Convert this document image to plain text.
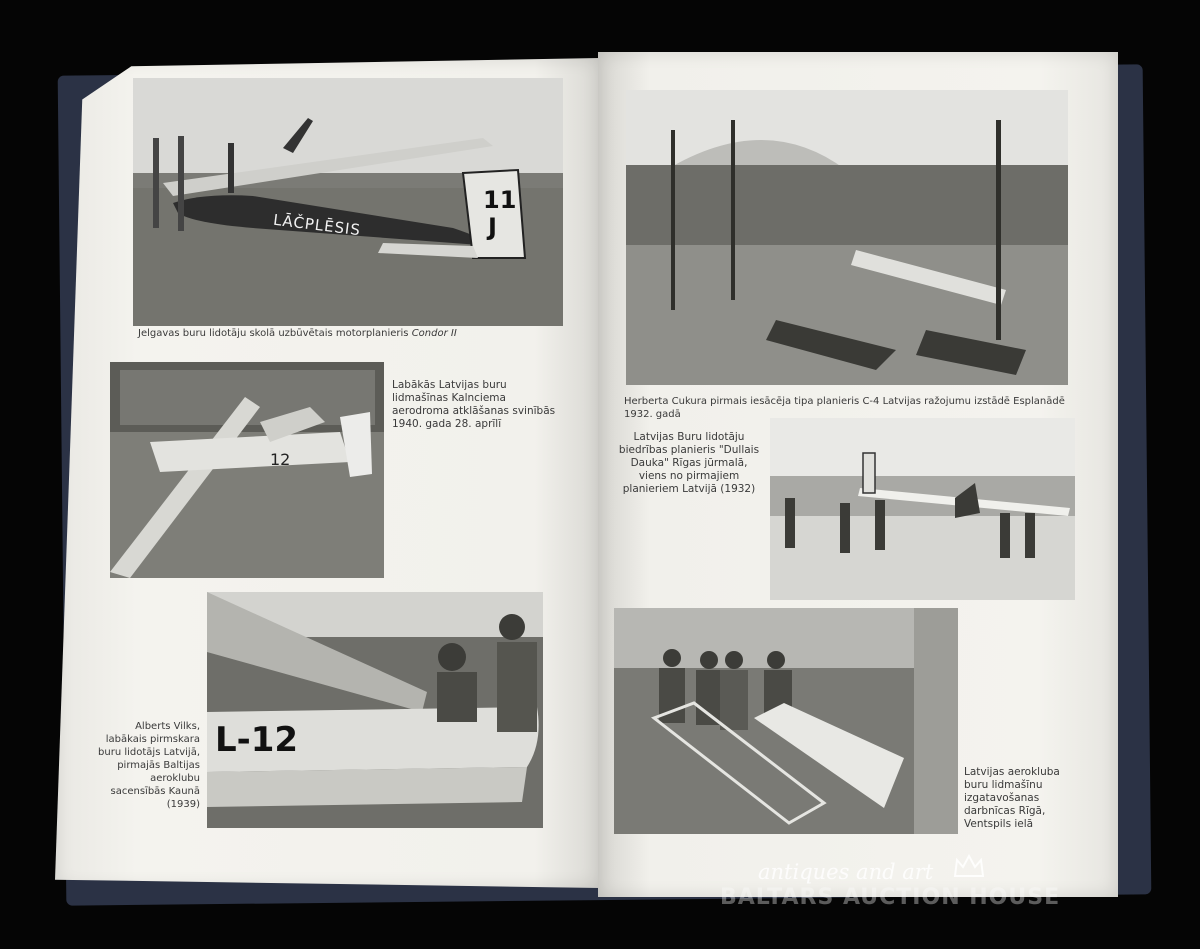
LĀČPLĒSIS
11
J
Jelgavas buru lidotāju skolā uzbūvētais motorplanieris Condor II
12
Labākās Latvijas buru lidmašīnas Kalnciema aerodroma atklāšanas svinībās 1940. gada 28. aprīlī
L-12
Alberts Vilks, labākais pirmskara buru lidotājs Latvijā, pirmajās Baltijas aeroklubu sacensībās Kaunā (1939)
Herberta Cukura pirmais iesācēja tipa planieris C-4 Latvijas ražojumu izstādē Esplanādē 1932. gadā
Latvijas Buru lidotāju biedrības planieris "Dullais Dauka" Rīgas jūrmalā, viens no pirmajiem planieriem Latvijā (1932)
Latvijas aerokluba buru lidmašīnu izgatavošanas darbnīcas Rīgā, Ventspils ielā
antiques and art
BALTARS AUCTION HOUSE
